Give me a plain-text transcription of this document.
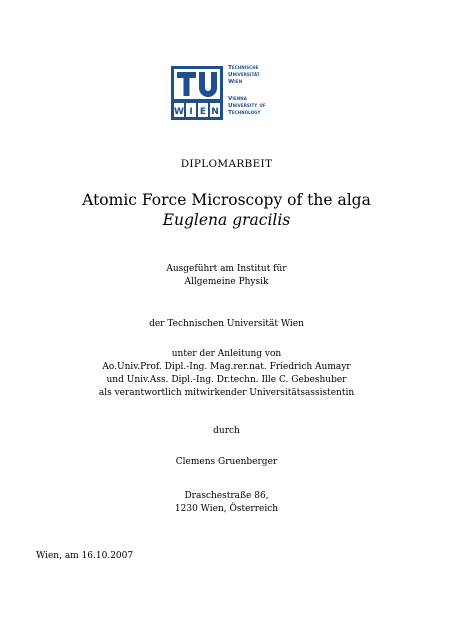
W I E N
Technische
Universität
Wien
Vienna
University of
Technology
DIPLOMARBEIT
Atomic Force Microscopy of the alga
Euglena gracilis
Ausgeführt am Institut für
Allgemeine Physik
der Technischen Universität Wien
unter der Anleitung von
Ao.Univ.Prof. Dipl.-Ing. Mag.rer.nat. Friedrich Aumayr
und Univ.Ass. Dipl.-Ing. Dr.techn. Ille C. Gebeshuber
als verantwortlich mitwirkender Universitätsassistentin
durch
Clemens Gruenberger
Draschestraße 86,
1230 Wien, Österreich
Wien, am 16.10.2007
